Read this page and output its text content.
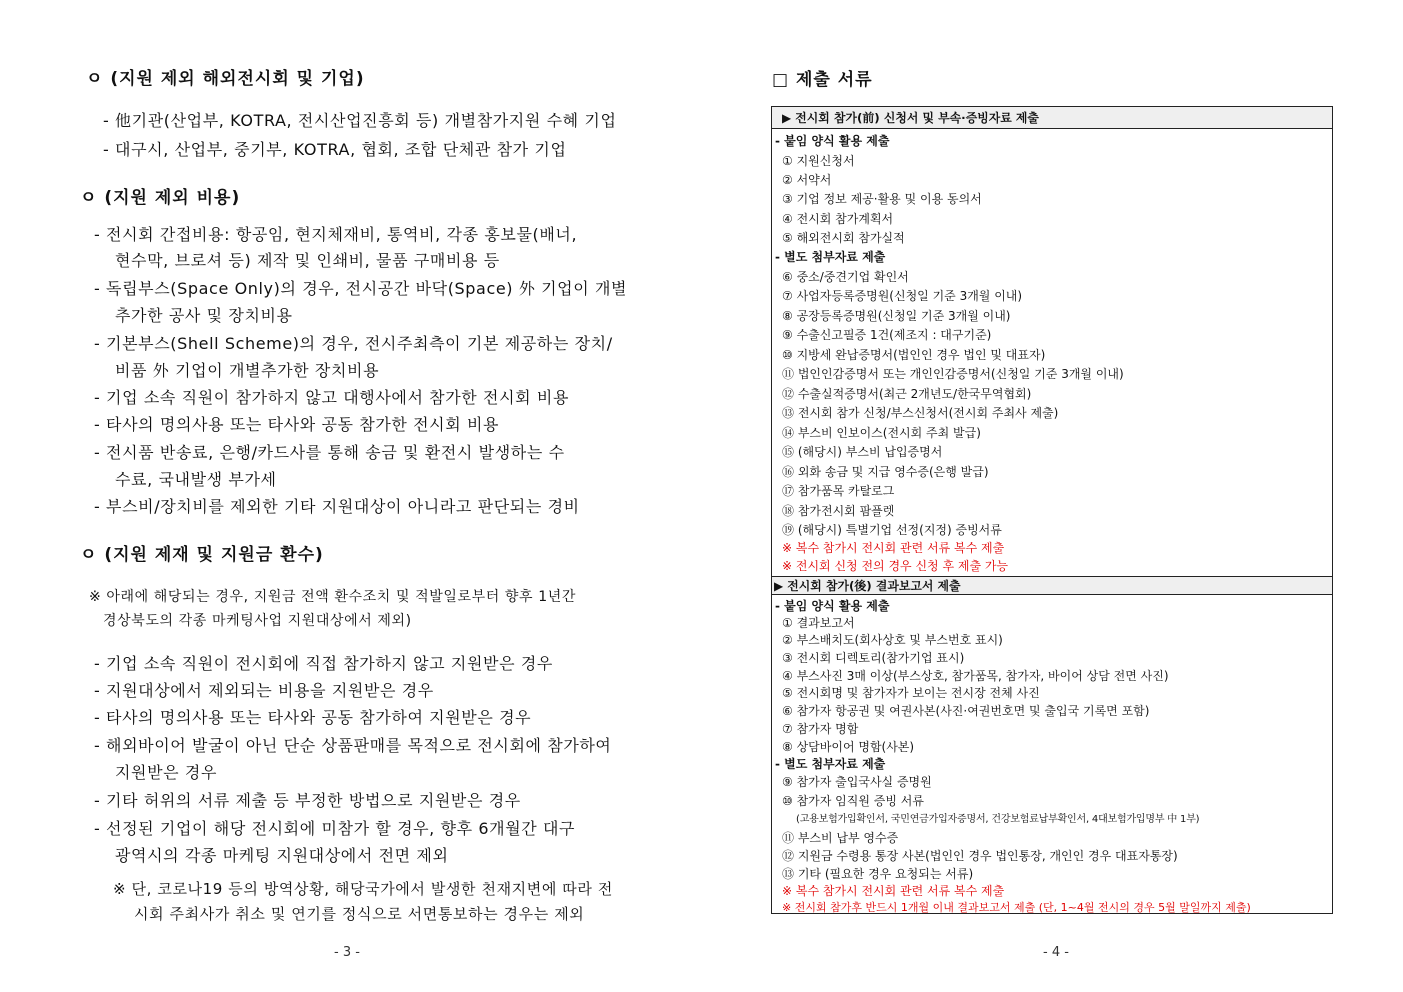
ㅇ (지원 제외 해외전시회 및 기업)
- 他기관(산업부, KOTRA, 전시산업진흥회 등) 개별참가지원 수혜 기업
- 대구시, 산업부, 중기부, KOTRA, 협회, 조합 단체관 참가 기업
ㅇ (지원 제외 비용)
- 전시회 간접비용: 항공임, 현지체재비, 통역비, 각종 홍보물(배너,
현수막, 브로셔 등) 제작 및 인쇄비, 물품 구매비용 등
- 독립부스(Space Only)의 경우, 전시공간 바닥(Space) 外 기업이 개별
추가한 공사 및 장치비용
- 기본부스(Shell Scheme)의 경우, 전시주최측이 기본 제공하는 장치/
비품 外 기업이 개별추가한 장치비용
- 기업 소속 직원이 참가하지 않고 대행사에서 참가한 전시회 비용
- 타사의 명의사용 또는 타사와 공동 참가한 전시회 비용
- 전시품 반송료, 은행/카드사를 통해 송금 및 환전시 발생하는 수
수료, 국내발생 부가세
- 부스비/장치비를 제외한 기타 지원대상이 아니라고 판단되는 경비
ㅇ (지원 제재 및 지원금 환수)
※ 아래에 해당되는 경우, 지원금 전액 환수조치 및 적발일로부터 향후 1년간
경상북도의 각종 마케팅사업 지원대상에서 제외)
- 기업 소속 직원이 전시회에 직접 참가하지 않고 지원받은 경우
- 지원대상에서 제외되는 비용을 지원받은 경우
- 타사의 명의사용 또는 타사와 공동 참가하여 지원받은 경우
- 해외바이어 발굴이 아닌 단순 상품판매를 목적으로 전시회에 참가하여
지원받은 경우
- 기타 허위의 서류 제출 등 부정한 방법으로 지원받은 경우
- 선정된 기업이 해당 전시회에 미참가 할 경우, 향후 6개월간 대구
광역시의 각종 마케팅 지원대상에서 전면 제외
※ 단, 코로나19 등의 방역상황, 해당국가에서 발생한 천재지변에 따라 전
시회 주최사가 취소 및 연기를 정식으로 서면통보하는 경우는 제외
- 3 -
□ 제출 서류
▶ 전시회 참가(前) 신청서 및 부속·증빙자료 제출
- 붙임 양식 활용 제출
① 지원신청서
② 서약서
③ 기업 정보 제공·활용 및 이용 동의서
④ 전시회 참가계획서
⑤ 해외전시회 참가실적
- 별도 첨부자료 제출
⑥ 중소/중견기업 확인서
⑦ 사업자등록증명원(신청일 기준 3개월 이내)
⑧ 공장등록증명원(신청일 기준 3개월 이내)
⑨ 수출신고필증 1건(제조지 : 대구기준)
⑩ 지방세 완납증명서(법인인 경우 법인 및 대표자)
⑪ 법인인감증명서 또는 개인인감증명서(신청일 기준 3개월 이내)
⑫ 수출실적증명서(최근 2개년도/한국무역협회)
⑬ 전시회 참가 신청/부스신청서(전시회 주최사 제출)
⑭ 부스비 인보이스(전시회 주최 발급)
⑮ (해당시) 부스비 납입증명서
⑯ 외화 송금 및 지급 영수증(은행 발급)
⑰ 참가품목 카탈로그
⑱ 참가전시회 팜플렛
⑲ (해당시) 특별기업 선정(지정) 증빙서류
※ 복수 참가시 전시회 관련 서류 복수 제출
※ 전시회 신청 전의 경우 신청 후 제출 가능
▶ 전시회 참가(後) 결과보고서 제출
- 붙임 양식 활용 제출
① 결과보고서
② 부스배치도(회사상호 및 부스번호 표시)
③ 전시회 디렉토리(참가기업 표시)
④ 부스사진 3매 이상(부스상호, 참가품목, 참가자, 바이어 상담 전면 사진)
⑤ 전시회명 및 참가자가 보이는 전시장 전체 사진
⑥ 참가자 항공권 및 여권사본(사진·여권번호면 및 출입국 기록면 포함)
⑦ 참가자 명함
⑧ 상담바이어 명함(사본)
- 별도 첨부자료 제출
⑨ 참가자 출입국사실 증명원
⑩ 참가자 임직원 증빙 서류
(고용보험가입확인서, 국민연금가입자증명서, 건강보험료납부확인서, 4대보험가입명부 中 1부)
⑪ 부스비 납부 영수증
⑫ 지원금 수령용 통장 사본(법인인 경우 법인통장, 개인인 경우 대표자통장)
⑬ 기타 (필요한 경우 요청되는 서류)
※ 복수 참가시 전시회 관련 서류 복수 제출
※ 전시회 참가후 반드시 1개월 이내 결과보고서 제출 (단, 1~4월 전시의 경우 5월 말일까지 제출)
- 4 -
